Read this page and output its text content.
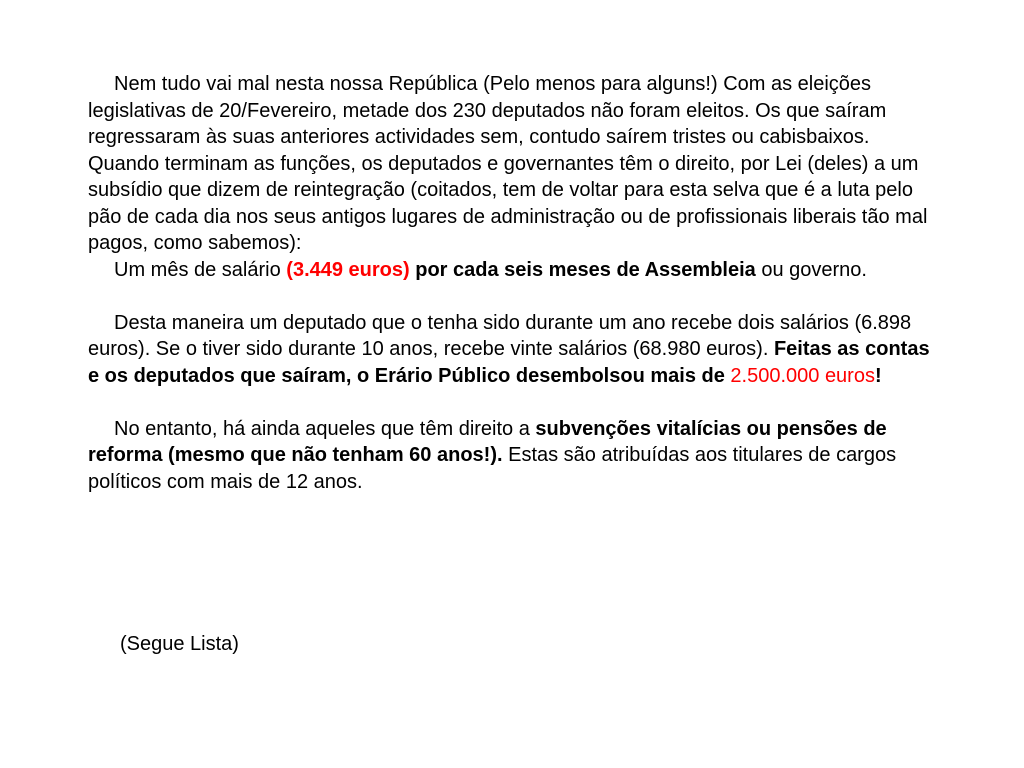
Nem tudo vai mal nesta nossa República (Pelo menos para alguns!) Com as eleições legislativas de 20/Fevereiro, metade dos 230 deputados não foram eleitos. Os que saíram regressaram às suas anteriores actividades sem, contudo saírem tristes ou cabisbaixos. Quando terminam as funções, os deputados e governantes têm o direito, por Lei (deles) a um subsídio que dizem de reintegração (coitados, tem de voltar para esta selva que é a luta pelo pão de cada dia nos seus antigos lugares de administração ou de profissionais liberais tão mal pagos, como sabemos):

Um mês de salário (3.449 euros) por cada seis meses de Assembleia ou governo.

Desta maneira um deputado que o tenha sido durante um ano recebe dois salários (6.898 euros). Se o tiver sido durante 10 anos, recebe vinte salários (68.980 euros). Feitas as contas e os deputados que saíram, o Erário Público desembolsou mais de 2.500.000 euros!

No entanto, há ainda aqueles que têm direito a subvenções vitalícias ou pensões de reforma (mesmo que não tenham 60 anos!). Estas são atribuídas aos titulares de cargos políticos com mais de 12 anos.

(Segue Lista)
